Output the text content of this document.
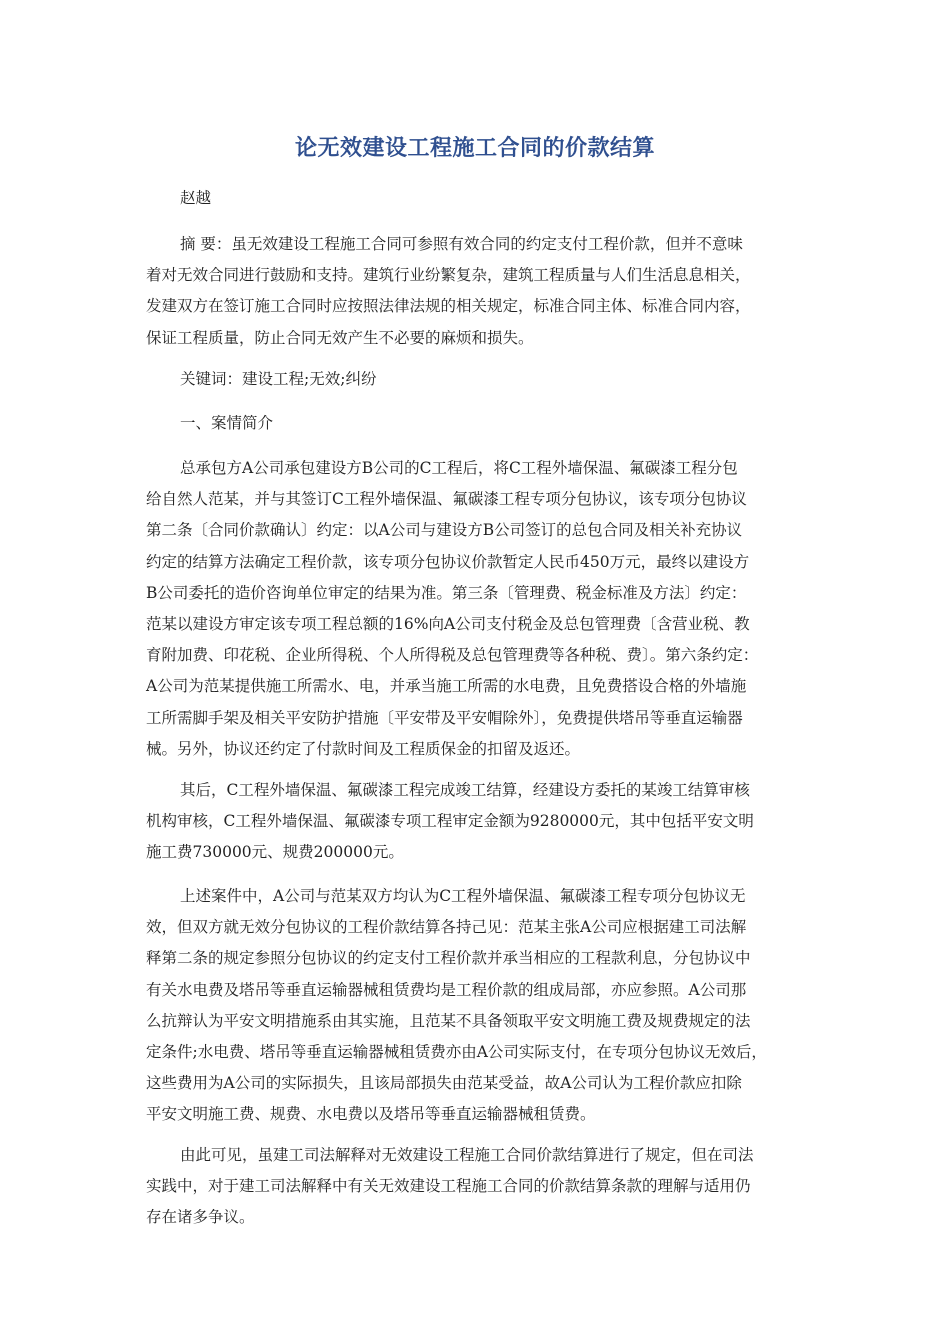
论无效建设工程施工合同的价款结算
赵越
摘 要：虽无效建设工程施工合同可参照有效合同的约定支付工程价款，但并不意味
着对无效合同进行鼓励和支持。建筑行业纷繁复杂，建筑工程质量与人们生活息息相关，
发建双方在签订施工合同时应按照法律法规的相关规定，标准合同主体、标准合同内容，
保证工程质量，防止合同无效产生不必要的麻烦和损失。
关键词：建设工程;无效;纠纷
一、案情简介
总承包方A公司承包建设方B公司的C工程后，将C工程外墙保温、氟碳漆工程分包
给自然人范某，并与其签订C工程外墙保温、氟碳漆工程专项分包协议，该专项分包协议
第二条〔合同价款确认〕约定：以A公司与建设方B公司签订的总包合同及相关补充协议
约定的结算方法确定工程价款，该专项分包协议价款暂定人民币450万元，最终以建设方
B公司委托的造价咨询单位审定的结果为准。第三条〔管理费、税金标准及方法〕约定：
范某以建设方审定该专项工程总额的16%向A公司支付税金及总包管理费〔含营业税、教
育附加费、印花税、企业所得税、个人所得税及总包管理费等各种税、费〕。第六条约定：
A公司为范某提供施工所需水、电，并承当施工所需的水电费，且免费搭设合格的外墙施
工所需脚手架及相关平安防护措施〔平安带及平安帽除外〕，免费提供塔吊等垂直运输器
械。另外，协议还约定了付款时间及工程质保金的扣留及返还。
其后，C工程外墙保温、氟碳漆工程完成竣工结算，经建设方委托的某竣工结算审核
机构审核，C工程外墙保温、氟碳漆专项工程审定金额为9280000元，其中包括平安文明
施工费730000元、规费200000元。
上述案件中，A公司与范某双方均认为C工程外墙保温、氟碳漆工程专项分包协议无
效，但双方就无效分包协议的工程价款结算各持己见：范某主张A公司应根据建工司法解
释第二条的规定参照分包协议的约定支付工程价款并承当相应的工程款利息，分包协议中
有关水电费及塔吊等垂直运输器械租赁费均是工程价款的组成局部，亦应参照。A公司那
么抗辩认为平安文明措施系由其实施，且范某不具备领取平安文明施工费及规费规定的法
定条件;水电费、塔吊等垂直运输器械租赁费亦由A公司实际支付，在专项分包协议无效后，
这些费用为A公司的实际损失，且该局部损失由范某受益，故A公司认为工程价款应扣除
平安文明施工费、规费、水电费以及塔吊等垂直运输器械租赁费。
由此可见，虽建工司法解释对无效建设工程施工合同价款结算进行了规定，但在司法
实践中，对于建工司法解释中有关无效建设工程施工合同的价款结算条款的理解与适用仍
存在诸多争议。
